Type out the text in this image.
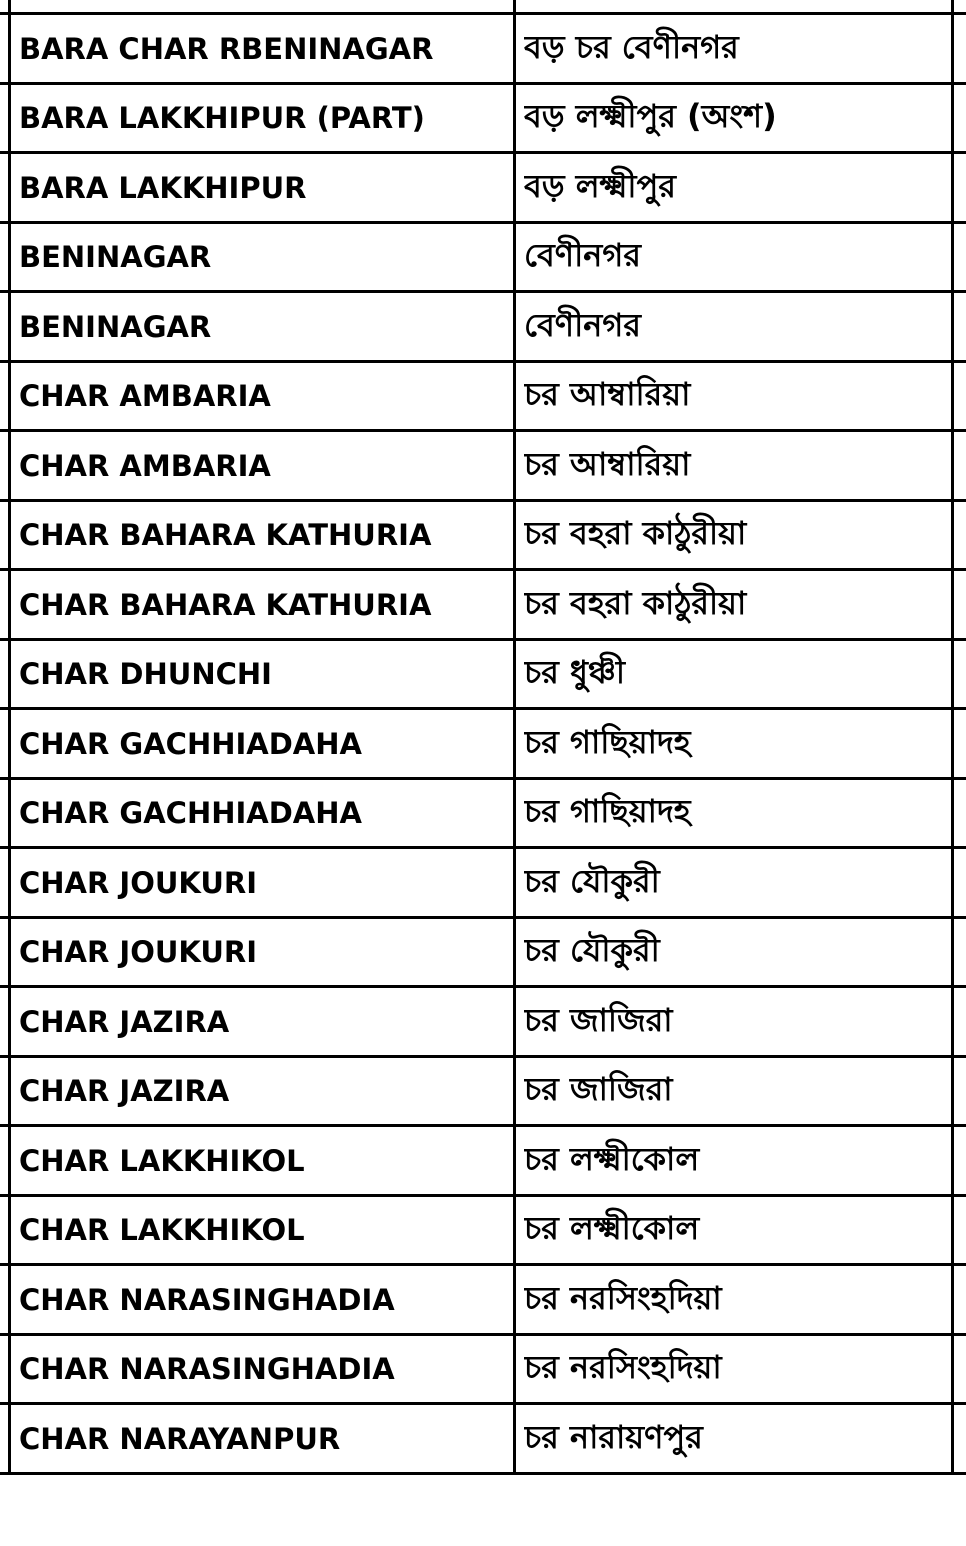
BARA CHAR RBENINAGAR	বড় চর বেণীনগর
BARA LAKKHIPUR (PART)	বড় লক্ষ্মীপুর (অংশ)
BARA LAKKHIPUR	বড় লক্ষ্মীপুর
BENINAGAR	বেণীনগর
BENINAGAR	বেণীনগর
CHAR AMBARIA	চর আম্বারিয়া
CHAR AMBARIA	চর আম্বারিয়া
CHAR BAHARA KATHURIA	চর বহরা কাঠুরীয়া
CHAR BAHARA KATHURIA	চর বহরা কাঠুরীয়া
CHAR DHUNCHI	চর ধুঞ্চী
CHAR GACHHIADAHA	চর গাছিয়াদহ
CHAR GACHHIADAHA	চর গাছিয়াদহ
CHAR JOUKURI	চর যৌকুরী
CHAR JOUKURI	চর যৌকুরী
CHAR JAZIRA	চর জাজিরা
CHAR JAZIRA	চর জাজিরা
CHAR LAKKHIKOL	চর লক্ষ্মীকোল
CHAR LAKKHIKOL	চর লক্ষ্মীকোল
CHAR NARASINGHADIA	চর নরসিংহদিয়া
CHAR NARASINGHADIA	চর নরসিংহদিয়া
CHAR NARAYANPUR	চর নারায়ণপুর
